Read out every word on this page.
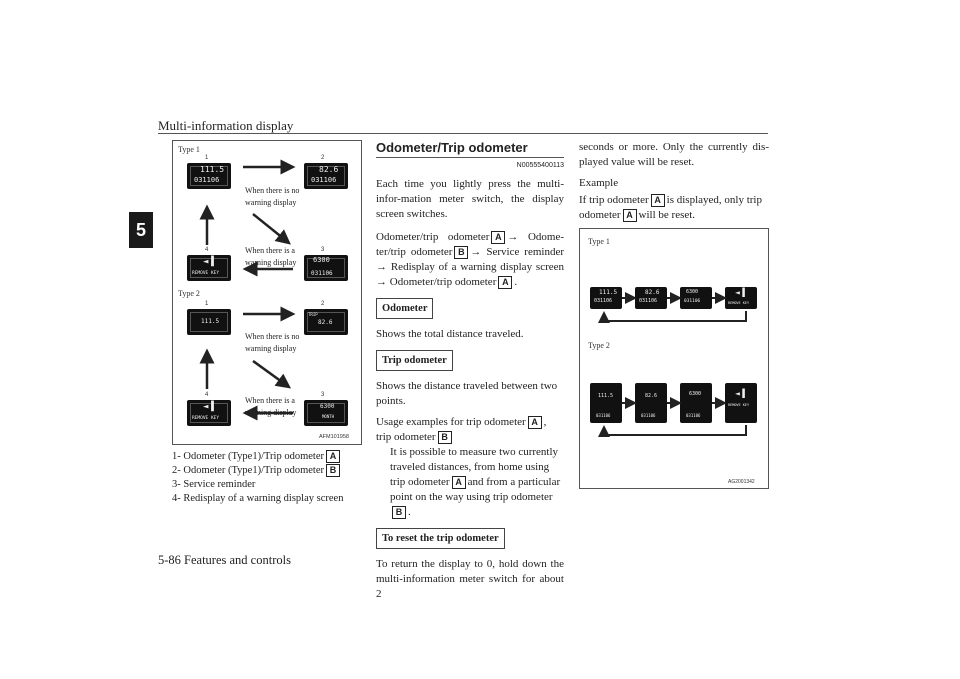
Multi-information display
5
5-86 Features and controls
Type 1
Type 2
1	2
3
4
1	2
3
4
111.5
031106
82.6
031106
6300
031106
◄▐
REMOVE KEY
111.5
TRIP
82.6
6300
MONTH
◄▐
REMOVE KEY
When there is no warning display
When there is a warning display
When there is no warning display
When there is a warning display
AFM101958
1- Odometer (Type1)/Trip odometer A
2- Odometer (Type1)/Trip odometer B
3- Service reminder
4- Redisplay of a warning display screen
Odometer/Trip odometer
N00555400113

Each time you lightly press the multi-infor-mation meter switch, the display screen switches.

Odometer/trip odometer A → Odome-ter/trip odometer B → Service reminder → Redisplay of a warning display screen → Odometer/trip odometer A .

Odometer

Shows the total distance traveled.

Trip odometer

Shows the distance traveled between two points.

Usage examples for trip odometer A , trip odometer B

It is possible to measure two currently traveled distances, from home using trip odometer A and from a particular point on the way using trip odometerB .

To reset the trip odometer

To return the display to 0, hold down the multi-information meter switch for about 2

seconds or more. Only the currently dis-played value will be reset.

Example

If trip odometer A is displayed, only trip odometer A will be reset.

Type 1
Type 2
111.5
031106
82.6
031106
6300
031106
◄▐
REMOVE KEY
111.5
031106
82.6
031106
6300
031106
◄▐
REMOVE KEY
AG2001342
